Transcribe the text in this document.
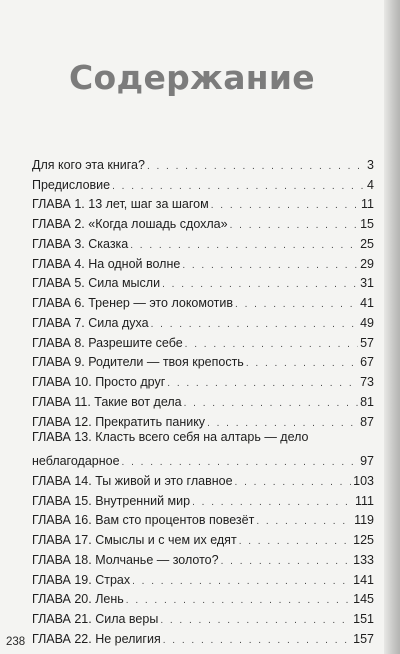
Содержание
Для кого эта книга? . . .	3
Предисловие . . .	4
ГЛАВА 1. 13 лет, шаг за шагом . . .	11
ГЛАВА 2. «Когда лошадь сдохла» . . .	15
ГЛАВА 3. Сказка . . .	25
ГЛАВА 4. На одной волне . . .	29
ГЛАВА 5. Сила мысли . . .	31
ГЛАВА 6. Тренер — это локомотив . . .	41
ГЛАВА 7. Сила духа . . .	49
ГЛАВА 8. Разрешите себе . . .	57
ГЛАВА 9. Родители — твоя крепость . . .	67
ГЛАВА 10. Просто друг . . .	73
ГЛАВА 11. Такие вот дела . . .	81
ГЛАВА 12. Прекратить панику . . .	87
ГЛАВА 13. Класть всего себя на алтарь — дело
неблагодарное . . .	97
ГЛАВА 14. Ты живой и это главное . . .	103
ГЛАВА 15. Внутренний мир . . .	111
ГЛАВА 16. Вам сто процентов повезёт . . .	119
ГЛАВА 17. Смыслы и с чем их едят . . .	125
ГЛАВА 18. Молчанье — золото? . . .	133
ГЛАВА 19. Страх . . .	141
ГЛАВА 20. Лень . . .	145
ГЛАВА 21. Сила веры . . .	151
ГЛАВА 22. Не религия . . .	157

238
